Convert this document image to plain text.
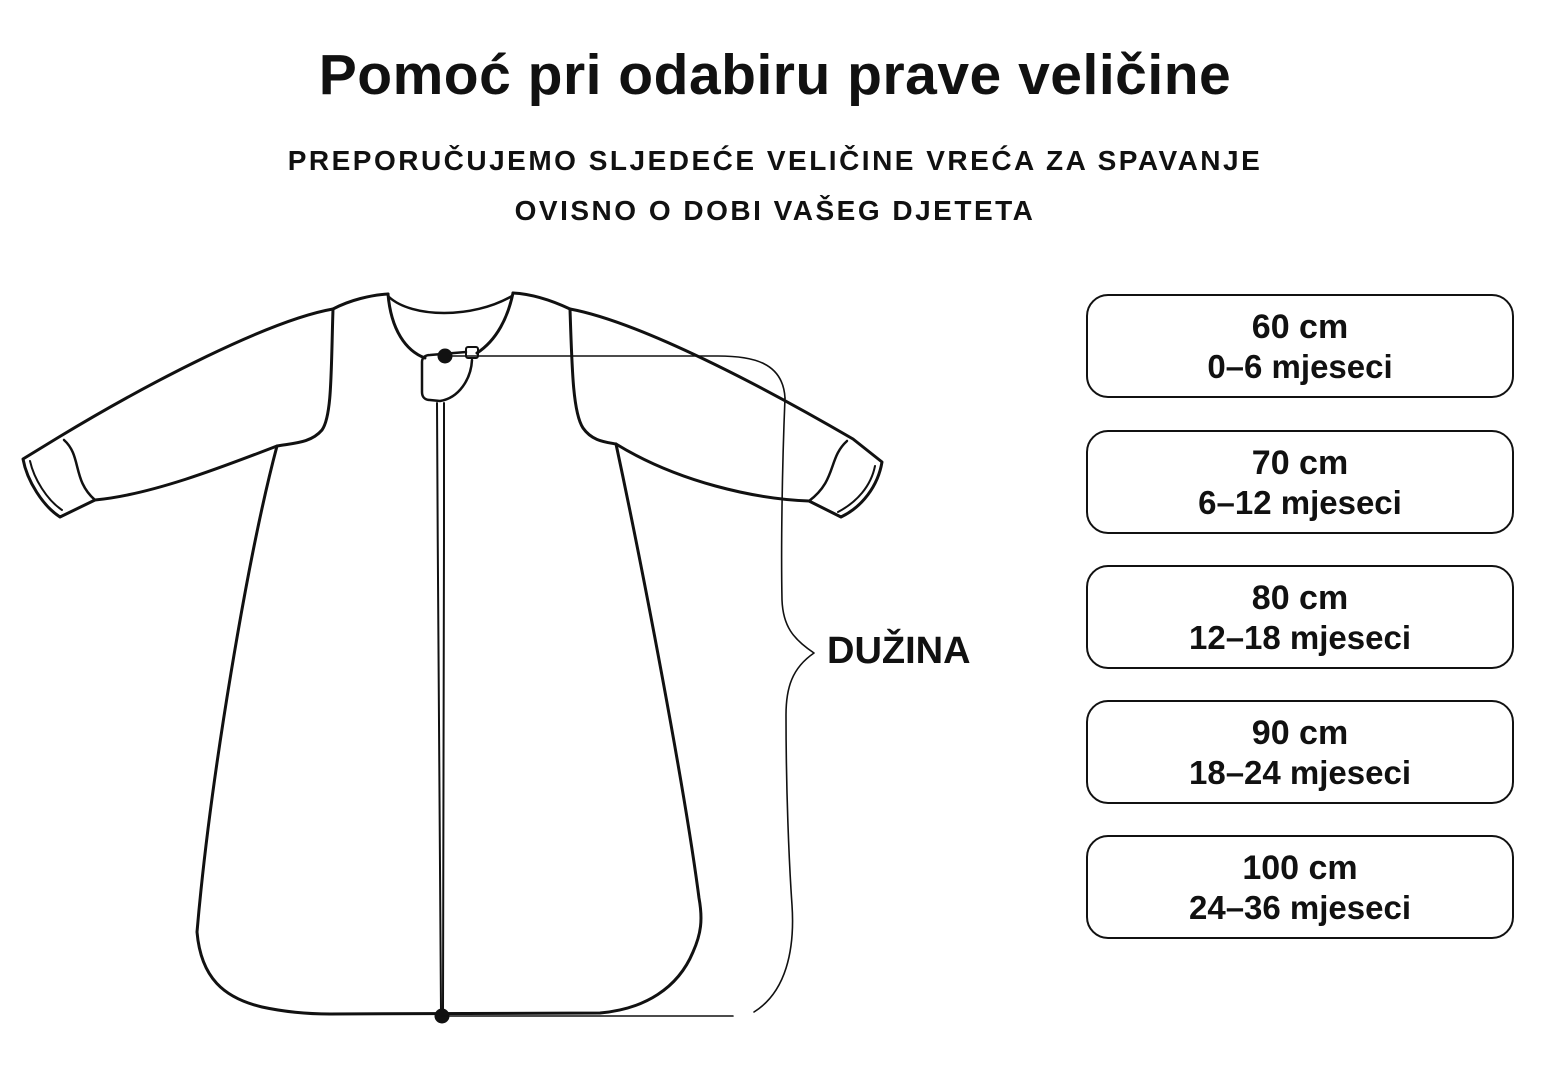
Pomoć pri odabiru prave veličine
PREPORUČUJEMO SLJEDEĆE VELIČINE VREĆA ZA SPAVANJE
OVISNO O DOBI VAŠEG DJETETA
DUŽINA
60 cm
0–6 mjeseci
70 cm
6–12 mjeseci
80 cm
12–18 mjeseci
90 cm
18–24 mjeseci
100 cm
24–36 mjeseci
